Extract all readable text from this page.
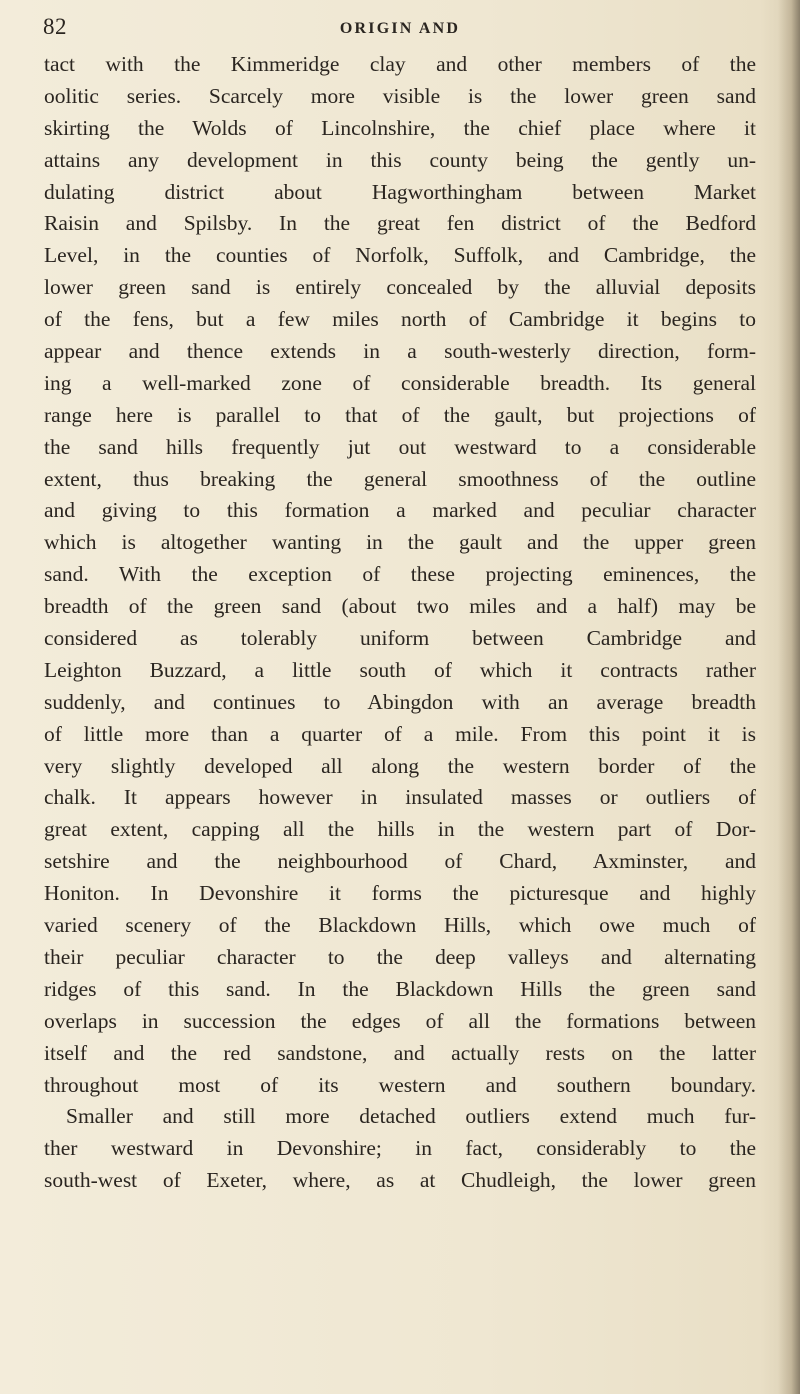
82	ORIGIN AND
tact with the Kimmeridge clay and other members of the
oolitic series. Scarcely more visible is the lower green sand
skirting the Wolds of Lincolnshire, the chief place where it
attains any development in this county being the gently un-
dulating district about Hagworthingham between Market
Raisin and Spilsby. In the great fen district of the Bedford
Level, in the counties of Norfolk, Suffolk, and Cambridge, the
lower green sand is entirely concealed by the alluvial deposits
of the fens, but a few miles north of Cambridge it begins to
appear and thence extends in a south-westerly direction, form-
ing a well-marked zone of considerable breadth. Its general
range here is parallel to that of the gault, but projections of
the sand hills frequently jut out westward to a considerable
extent, thus breaking the general smoothness of the outline
and giving to this formation a marked and peculiar character
which is altogether wanting in the gault and the upper green
sand. With the exception of these projecting eminences, the
breadth of the green sand (about two miles and a half) may be
considered as tolerably uniform between Cambridge and
Leighton Buzzard, a little south of which it contracts rather
suddenly, and continues to Abingdon with an average breadth
of little more than a quarter of a mile. From this point it is
very slightly developed all along the western border of the
chalk. It appears however in insulated masses or outliers of
great extent, capping all the hills in the western part of Dor-
setshire and the neighbourhood of Chard, Axminster, and
Honiton. In Devonshire it forms the picturesque and highly
varied scenery of the Blackdown Hills, which owe much of
their peculiar character to the deep valleys and alternating
ridges of this sand. In the Blackdown Hills the green sand
overlaps in succession the edges of all the formations between
itself and the red sandstone, and actually rests on the latter
throughout most of its western and southern boundary.
Smaller and still more detached outliers extend much fur-
ther westward in Devonshire; in fact, considerably to the
south-west of Exeter, where, as at Chudleigh, the lower green
